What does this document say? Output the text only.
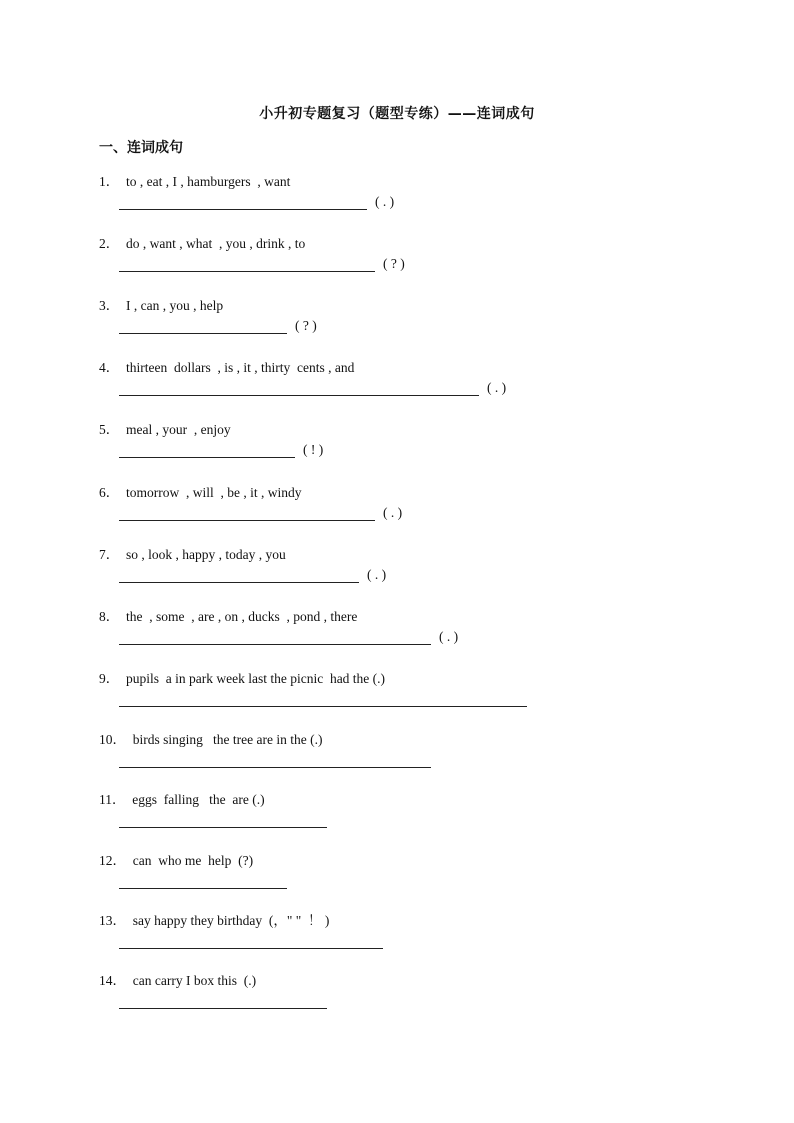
小升初专题复习（题型专练）——连词成句
一、连词成句
1．  to , eat , I , hamburgers  , want
( . )
2．  do , want , what  , you , drink , to
( ? )
3．  I , can , you , help
( ? )
4．  thirteen  dollars  , is , it , thirty  cents , and
( . )
5．  meal , your  , enjoy
( ! )
6．  tomorrow  , will  , be , it , windy
( . )
7．  so , look , happy , today , you
( . )
8．  the  , some  , are , on , ducks  , pond , there
( . )
9．  pupils  a in park week last the picnic  had the (.)
10．  birds singing   the tree are in the (.)
11．  eggs  falling   the  are (.)
12．  can  who me  help  (?)
13．  say happy they birthday  (，" "  ！ )
14．  can carry I box this  (.)
